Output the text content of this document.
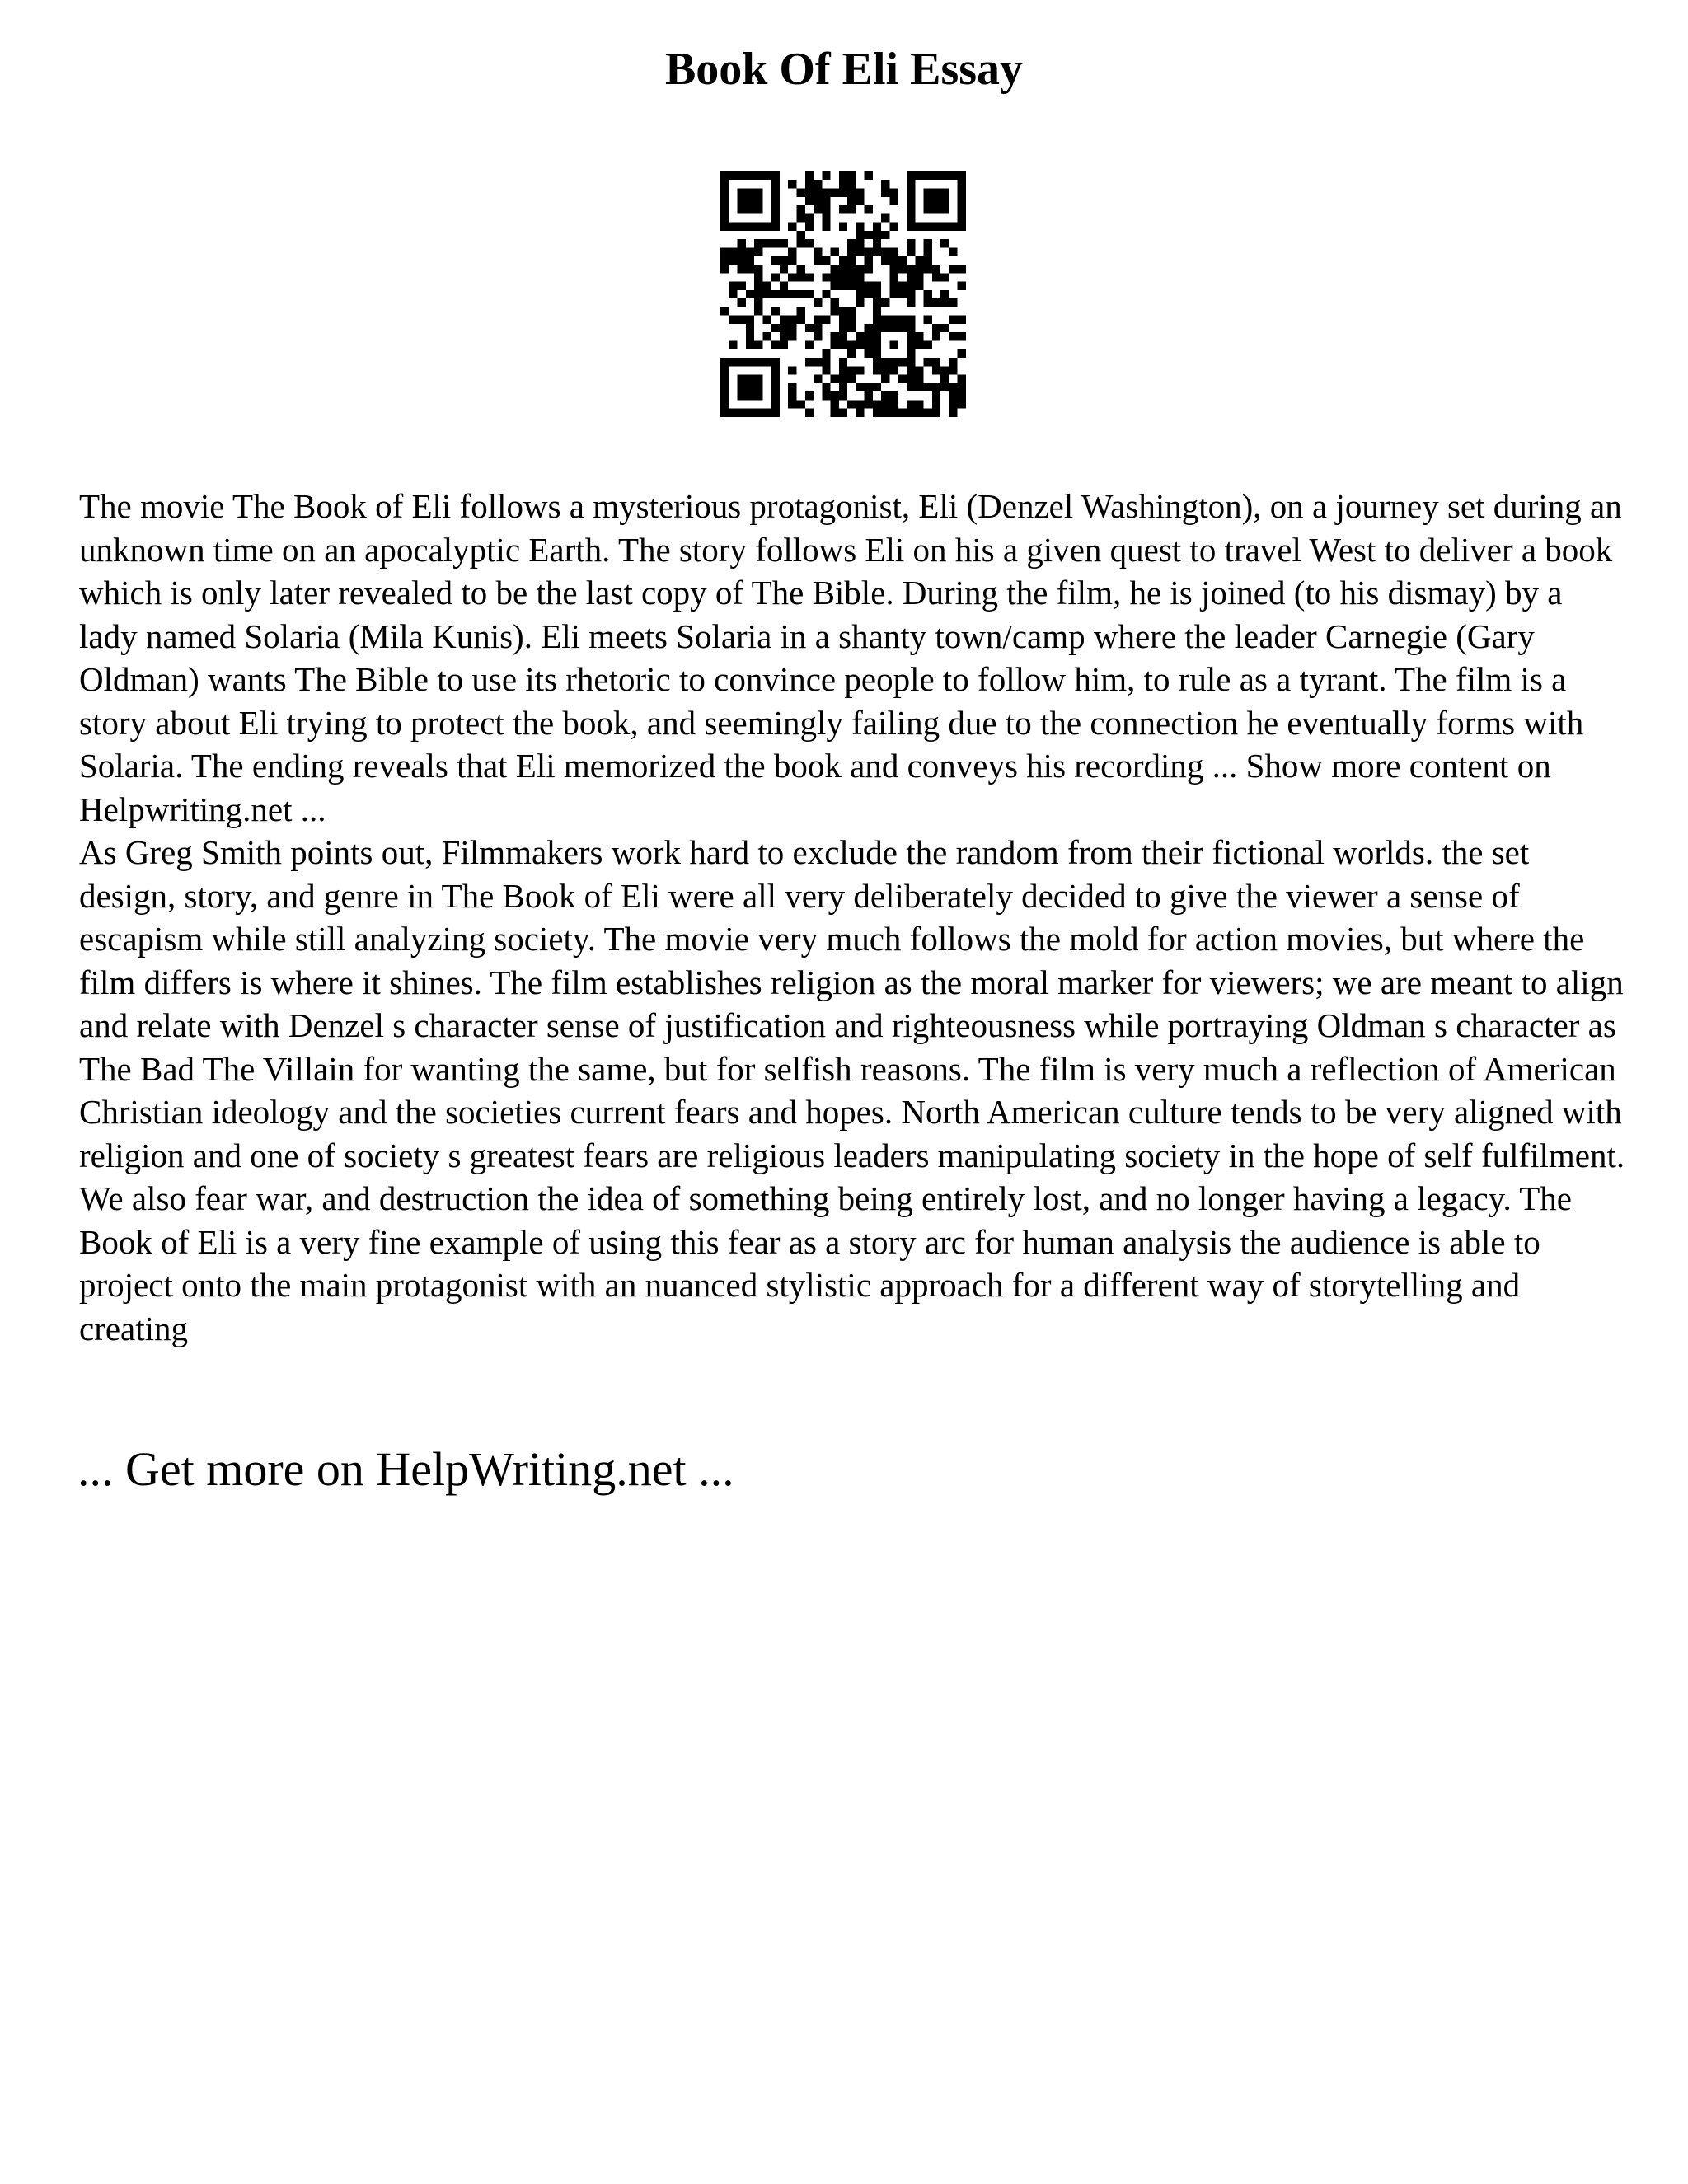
Book Of Eli Essay

The movie The Book of Eli follows a mysterious protagonist, Eli (Denzel Washington), on a journey set during an unknown time on an apocalyptic Earth. The story follows Eli on his a given quest to travel West to deliver a book which is only later revealed to be the last copy of The Bible. During the film, he is joined (to his dismay) by a lady named Solaria (Mila Kunis). Eli meets Solaria in a shanty town/camp where the leader Carnegie (Gary Oldman) wants The Bible to use its rhetoric to convince people to follow him, to rule as a tyrant. The film is a story about Eli trying to protect the book, and seemingly failing due to the connection he eventually forms with Solaria. The ending reveals that Eli memorized the book and conveys his recording ... Show more content on Helpwriting.net ...

As Greg Smith points out, Filmmakers work hard to exclude the random from their fictional worlds. the set design, story, and genre in The Book of Eli were all very deliberately decided to give the viewer a sense of escapism while still analyzing society. The movie very much follows the mold for action movies, but where the film differs is where it shines. The film establishes religion as the moral marker for viewers; we are meant to align and relate with Denzel s character sense of justification and righteousness while portraying Oldman s character as The Bad The Villain for wanting the same, but for selfish reasons. The film is very much a reflection of American Christian ideology and the societies current fears and hopes. North American culture tends to be very aligned with religion and one of society s greatest fears are religious leaders manipulating society in the hope of self fulfilment. We also fear war, and destruction the idea of something being entirely lost, and no longer having a legacy. The Book of Eli is a very fine example of using this fear as a story arc for human analysis the audience is able to project onto the main protagonist with an nuanced stylistic approach for a different way of storytelling and creating

... Get more on HelpWriting.net ...
